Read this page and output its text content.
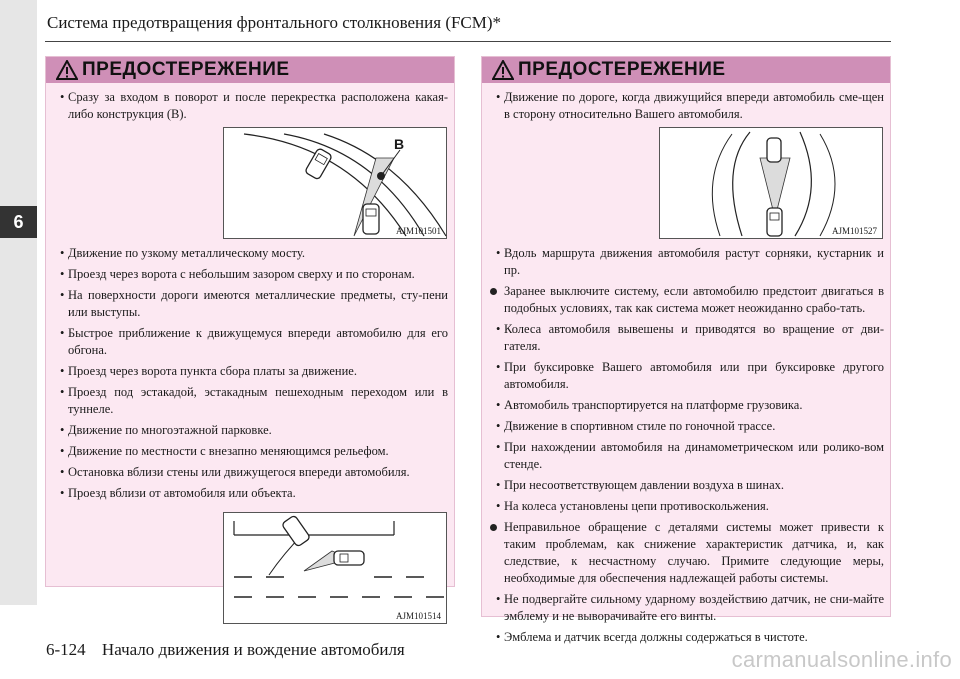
6
Система предотвращения фронтального столкновения (FCM)*
ПРЕДОСТЕРЕЖЕНИЕ
• Сразу за входом в поворот и после перекрестка расположена какая-либо конструкция (B).
B
AJM101501
• Движение по узкому металлическому мосту.
• Проезд через ворота с небольшим зазором сверху и по сторонам.
• На поверхности дороги имеются металлические предметы, сту-пени или выступы.
• Быстрое приближение к движущемуся впереди автомобилю для его обгона.
• Проезд через ворота пункта сбора платы за движение.
• Проезд под эстакадой, эстакадным пешеходным переходом или в туннеле.
• Движение по многоэтажной парковке.
• Движение по местности с внезапно меняющимся рельефом.
• Остановка вблизи стены или движущегося впереди автомобиля.
• Проезд вблизи от автомобиля или объекта.
AJM101514
ПРЕДОСТЕРЕЖЕНИЕ
• Движение по дороге, когда движущийся впереди автомобиль сме-щен в сторону относительно Вашего автомобиля.
AJM101527
• Вдоль маршрута движения автомобиля растут сорняки, кустарник и пр.
Заранее выключите систему, если автомобилю предстоит двигаться в подобных условиях, так как система может неожиданно срабо-тать.
• Колеса автомобиля вывешены и приводятся во вращение от дви-гателя.
• При буксировке Вашего автомобиля или при буксировке другого автомобиля.
• Автомобиль транспортируется на платформе грузовика.
• Движение в спортивном стиле по гоночной трассе.
• При нахождении автомобиля на динамометрическом или ролико-вом стенде.
• При несоответствующем давлении воздуха в шинах.
• На колеса установлены цепи противоскольжения.
Неправильное обращение с деталями системы может привести к таким проблемам, как снижение характеристик датчика, и, как следствие, к несчастному случаю. Примите следующие меры, необходимые для обеспечения надлежащей работы системы.
• Не подвергайте сильному ударному воздействию датчик, не сни-майте эмблему и не выворачивайте его винты.
• Эмблема и датчик всегда должны содержаться в чистоте.
6-124 Начало движения и вождение автомобиля	carmanualsonline.info
